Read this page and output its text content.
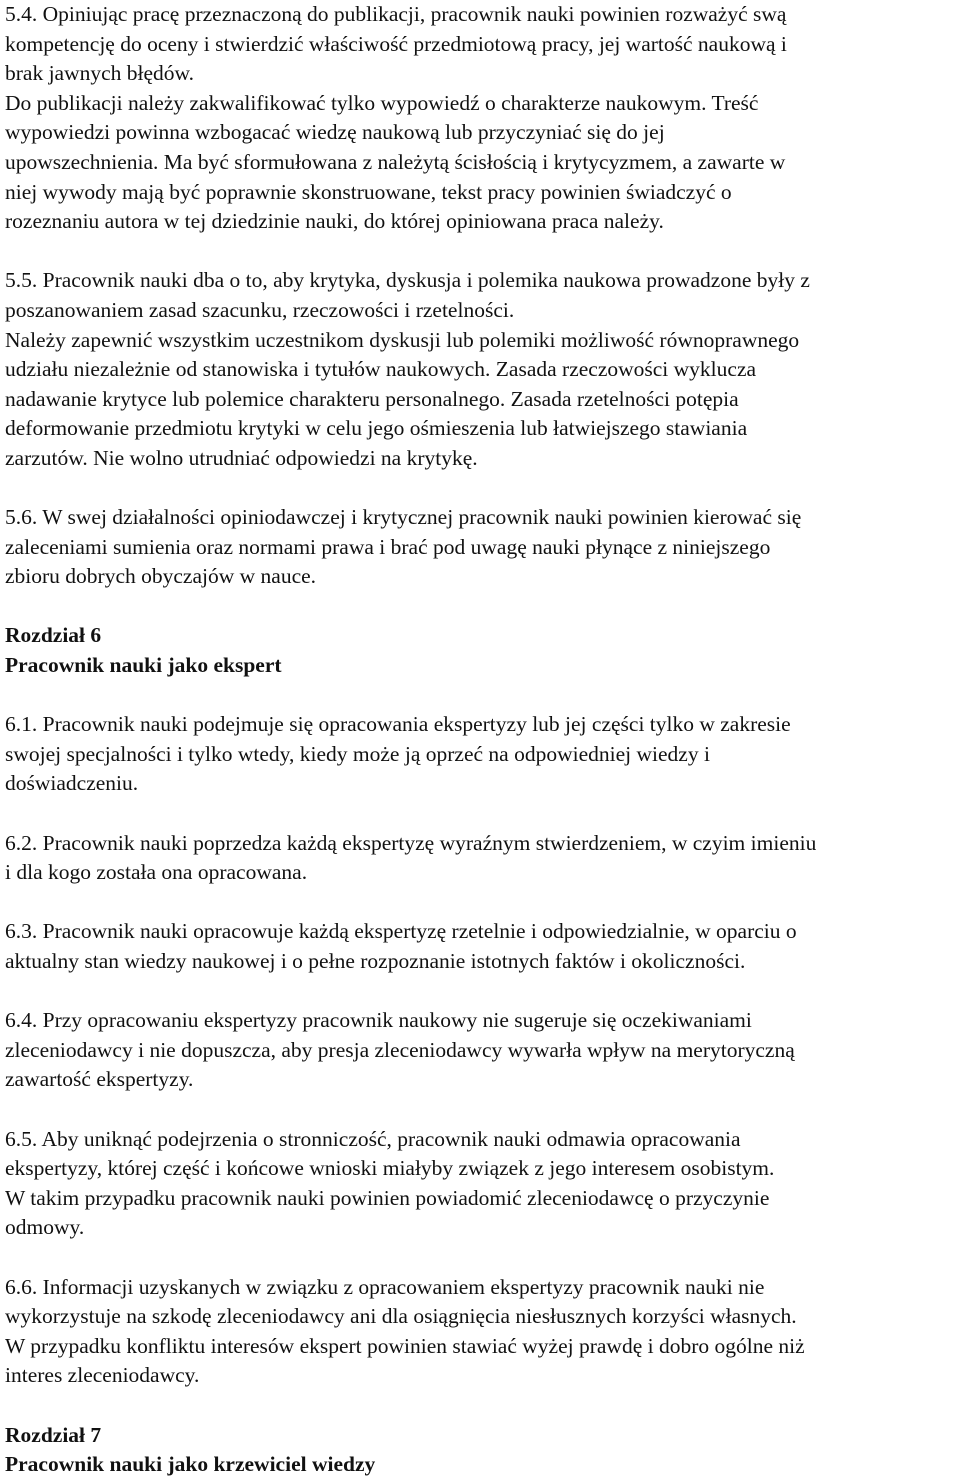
5.4. Opiniując pracę przeznaczoną do publikacji, pracownik nauki powinien rozważyć swą
kompetencję do oceny i stwierdzić właściwość przedmiotową pracy, jej wartość naukową i
brak jawnych błędów.
Do publikacji należy zakwalifikować tylko wypowiedź o charakterze naukowym. Treść
wypowiedzi powinna wzbogacać wiedzę naukową lub przyczyniać się do jej
upowszechnienia. Ma być sformułowana z należytą ścisłością i krytycyzmem, a zawarte w
niej wywody mają być poprawnie skonstruowane, tekst pracy powinien świadczyć o
rozeznaniu autora w tej dziedzinie nauki, do której opiniowana praca należy.
5.5. Pracownik nauki dba o to, aby krytyka, dyskusja i polemika naukowa prowadzone były z
poszanowaniem zasad szacunku, rzeczowości i rzetelności.
Należy zapewnić wszystkim uczestnikom dyskusji lub polemiki możliwość równoprawnego
udziału niezależnie od stanowiska i tytułów naukowych. Zasada rzeczowości wyklucza
nadawanie krytyce lub polemice charakteru personalnego. Zasada rzetelności potępia
deformowanie przedmiotu krytyki w celu jego ośmieszenia lub łatwiejszego stawiania
zarzutów. Nie wolno utrudniać odpowiedzi na krytykę.
5.6. W swej działalności opiniodawczej i krytycznej pracownik nauki powinien kierować się
zaleceniami sumienia oraz normami prawa i brać pod uwagę nauki płynące z niniejszego
zbioru dobrych obyczajów w nauce.
Rozdział 6
Pracownik nauki jako ekspert
6.1. Pracownik nauki podejmuje się opracowania ekspertyzy lub jej części tylko w zakresie
swojej specjalności i tylko wtedy, kiedy może ją oprzeć na odpowiedniej wiedzy i
doświadczeniu.
6.2. Pracownik nauki poprzedza każdą ekspertyzę wyraźnym stwierdzeniem, w czyim imieniu
i dla kogo została ona opracowana.
6.3. Pracownik nauki opracowuje każdą ekspertyzę rzetelnie i odpowiedzialnie, w oparciu o
aktualny stan wiedzy naukowej i o pełne rozpoznanie istotnych faktów i okoliczności.
6.4. Przy opracowaniu ekspertyzy pracownik naukowy nie sugeruje się oczekiwaniami
zleceniodawcy i nie dopuszcza, aby presja zleceniodawcy wywarła wpływ na merytoryczną
zawartość ekspertyzy.
6.5. Aby uniknąć podejrzenia o stronniczość, pracownik nauki odmawia opracowania
ekspertyzy, której część i końcowe wnioski miałyby związek z jego interesem osobistym.
W takim przypadku pracownik nauki powinien powiadomić zleceniodawcę o przyczynie
odmowy.
6.6. Informacji uzyskanych w związku z opracowaniem ekspertyzy pracownik nauki nie
wykorzystuje na szkodę zleceniodawcy ani dla osiągnięcia niesłusznych korzyści własnych.
W przypadku konfliktu interesów ekspert powinien stawiać wyżej prawdę i dobro ogólne niż
interes zleceniodawcy.
Rozdział 7
Pracownik nauki jako krzewiciel wiedzy
